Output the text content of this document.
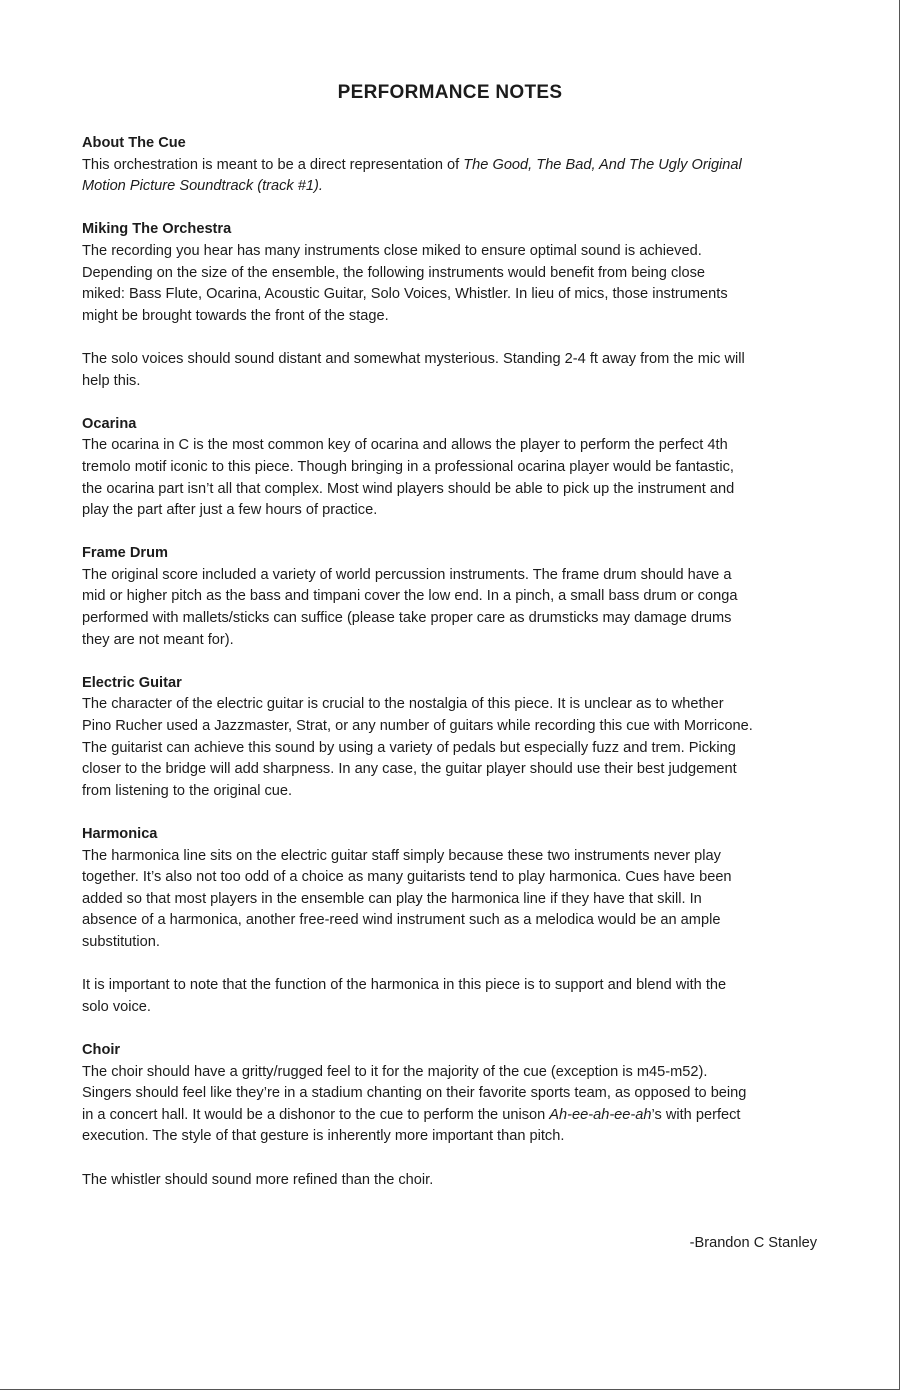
PERFORMANCE NOTES

About The Cue

This orchestration is meant to be a direct representation of The Good, The Bad, And The Ugly Original
Motion Picture Soundtrack (track #1).

Miking The Orchestra

The recording you hear has many instruments close miked to ensure optimal sound is achieved.
Depending on the size of the ensemble, the following instruments would benefit from being close
miked: Bass Flute, Ocarina, Acoustic Guitar, Solo Voices, Whistler. In lieu of mics, those instruments
might be brought towards the front of the stage.

The solo voices should sound distant and somewhat mysterious. Standing 2-4 ft away from the mic will
help this.

Ocarina

The ocarina in C is the most common key of ocarina and allows the player to perform the perfect 4th
tremolo motif iconic to this piece. Though bringing in a professional ocarina player would be fantastic,
the ocarina part isn’t all that complex. Most wind players should be able to pick up the instrument and
play the part after just a few hours of practice.

Frame Drum

The original score included a variety of world percussion instruments. The frame drum should have a
mid or higher pitch as the bass and timpani cover the low end. In a pinch, a small bass drum or conga
performed with mallets/sticks can suffice (please take proper care as drumsticks may damage drums
they are not meant for).

Electric Guitar

The character of the electric guitar is crucial to the nostalgia of this piece. It is unclear as to whether
Pino Rucher used a Jazzmaster, Strat, or any number of guitars while recording this cue with Morricone.
The guitarist can achieve this sound by using a variety of pedals but especially fuzz and trem. Picking
closer to the bridge will add sharpness. In any case, the guitar player should use their best judgement
from listening to the original cue.

Harmonica

The harmonica line sits on the electric guitar staff simply because these two instruments never play
together. It’s also not too odd of a choice as many guitarists tend to play harmonica. Cues have been
added so that most players in the ensemble can play the harmonica line if they have that skill. In
absence of a harmonica, another free-reed wind instrument such as a melodica would be an ample
substitution.

It is important to note that the function of the harmonica in this piece is to support and blend with the
solo voice.

Choir

The choir should have a gritty/rugged feel to it for the majority of the cue (exception is m45-m52).
Singers should feel like they’re in a stadium chanting on their favorite sports team, as opposed to being
in a concert hall. It would be a dishonor to the cue to perform the unison Ah-ee-ah-ee-ah’s with perfect
execution. The style of that gesture is inherently more important than pitch.

The whistler should sound more refined than the choir.

-Brandon C Stanley
